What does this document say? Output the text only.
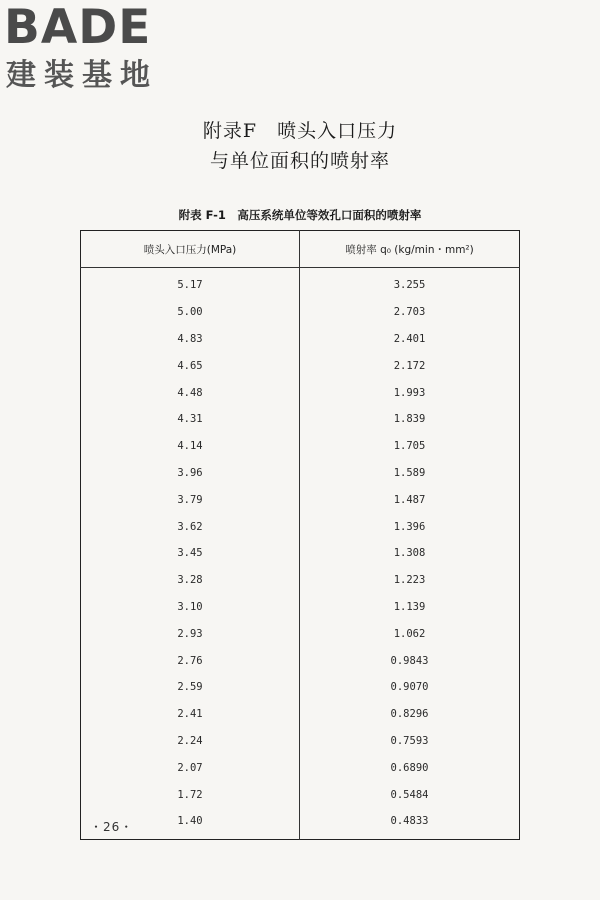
BADE
建装基地
附录F　喷头入口压力
与单位面积的喷射率
附表 F-1　高压系统单位等效孔口面积的喷射率
喷头入口压力(MPa)	喷射率 q₀ (kg/min・mm²)
5.17	3.255
5.00	2.703
4.83	2.401
4.65	2.172
4.48	1.993
4.31	1.839
4.14	1.705
3.96	1.589
3.79	1.487
3.62	1.396
3.45	1.308
3.28	1.223
3.10	1.139
2.93	1.062
2.76	0.9843
2.59	0.9070
2.41	0.8296
2.24	0.7593
2.07	0.6890
1.72	0.5484
1.40	0.4833
・26・
